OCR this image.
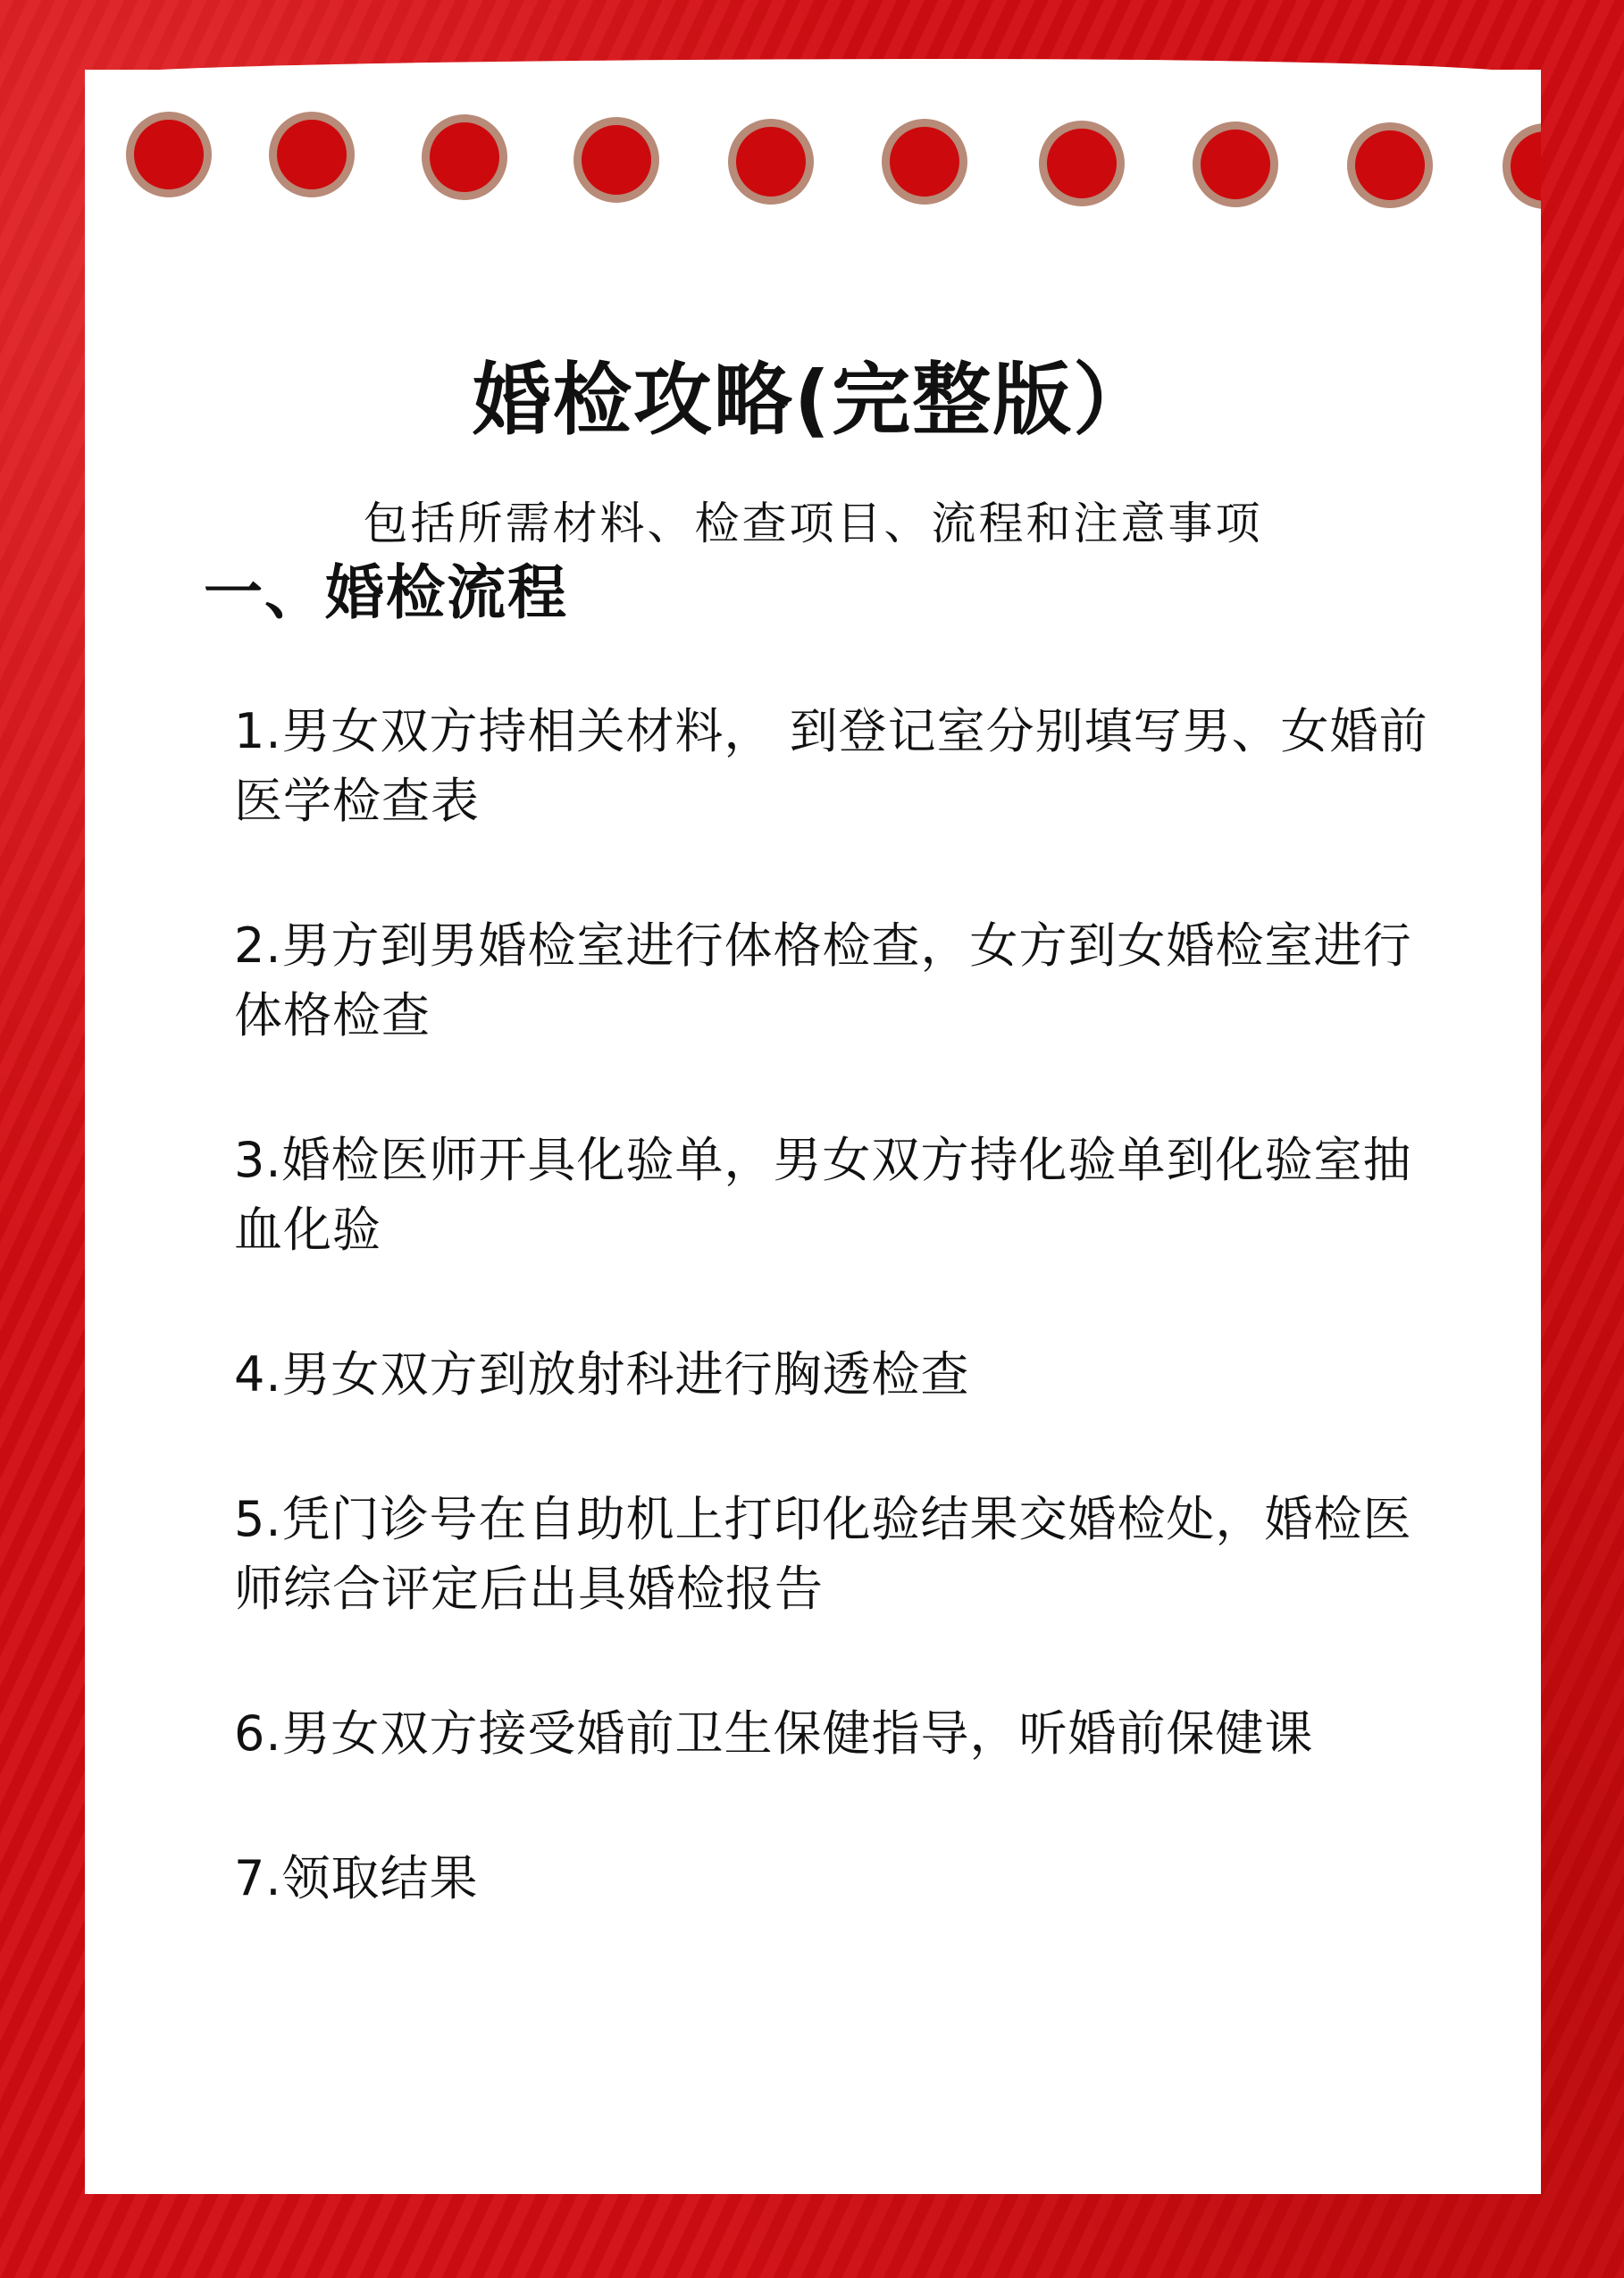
婚检攻略(完整版）
包括所需材料、检查项目、流程和注意事项
一、婚检流程
1.男女双方持相关材料， 到登记室分别填写男、女婚前医学检查表
2.男方到男婚检室进行体格检查，女方到女婚检室进行体格检查
3.婚检医师开具化验单，男女双方持化验单到化验室抽血化验
4.男女双方到放射科进行胸透检查
5.凭门诊号在自助机上打印化验结果交婚检处，婚检医师综合评定后出具婚检报告
6.男女双方接受婚前卫生保健指导，听婚前保健课
7.领取结果
